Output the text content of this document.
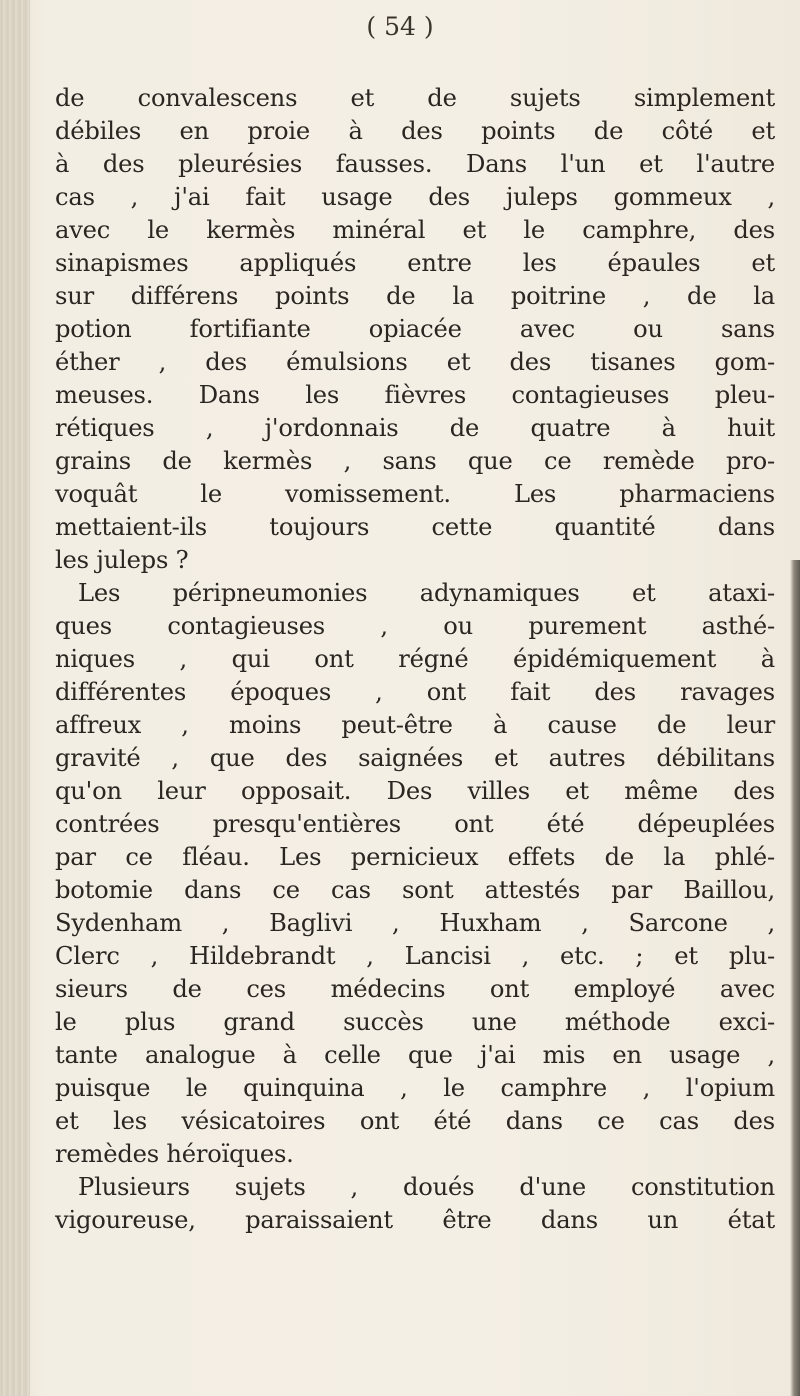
( 54 )
de convalescens et de sujets simplement
débiles en proie à des points de côté et
à des pleurésies fausses. Dans l'un et l'autre
cas , j'ai fait usage des juleps gommeux ,
avec le kermès minéral et le camphre, des
sinapismes appliqués entre les épaules et
sur différens points de la poitrine , de la
potion fortifiante opiacée avec ou sans
éther , des émulsions et des tisanes gom-
meuses. Dans les fièvres contagieuses pleu-
rétiques , j'ordonnais de quatre à huit
grains de kermès , sans que ce remède pro-
voquât le vomissement. Les pharmaciens
mettaient-ils toujours cette quantité dans
les juleps ?
Les péripneumonies adynamiques et ataxi-
ques contagieuses , ou purement asthé-
niques , qui ont régné épidémiquement à
différentes époques , ont fait des ravages
affreux , moins peut-être à cause de leur
gravité , que des saignées et autres débilitans
qu'on leur opposait. Des villes et même des
contrées presqu'entières ont été dépeuplées
par ce fléau. Les pernicieux effets de la phlé-
botomie dans ce cas sont attestés par Baillou,
Sydenham , Baglivi , Huxham , Sarcone ,
Clerc , Hildebrandt , Lancisi , etc. ; et plu-
sieurs de ces médecins ont employé avec
le plus grand succès une méthode exci-
tante analogue à celle que j'ai mis en usage ,
puisque le quinquina , le camphre , l'opium
et les vésicatoires ont été dans ce cas des
remèdes héroïques.
Plusieurs sujets , doués d'une constitution
vigoureuse, paraissaient être dans un état
